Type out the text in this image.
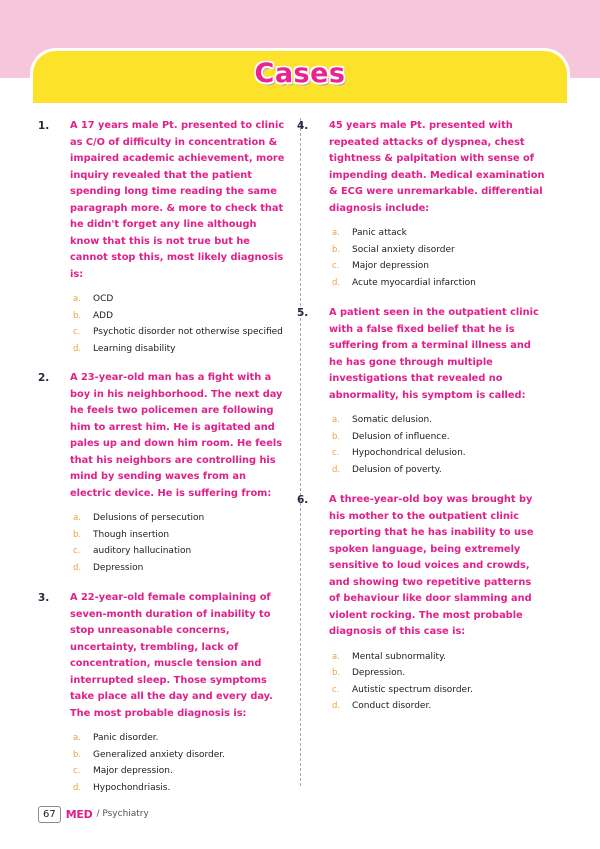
Cases
1. A 17 years male Pt. presented to clinic as C/O of difficulty in concentration & impaired academic achievement, more inquiry revealed that the patient spending long time reading the same paragraph more. & more to check that he didn't forget any line although know that this is not true but he cannot stop this, most likely diagnosis is:
a.	OCD
b.	ADD
c.	Psychotic disorder not otherwise specified
d.	Learning disability
2. A 23-year-old man has a fight with a boy in his neighborhood. The next day he feels two policemen are following him to arrest him. He is agitated and pales up and down him room. He feels that his neighbors are controlling his mind by sending waves from an electric device. He is suffering from:
a.	Delusions of persecution
b.	Though insertion
c.	auditory hallucination
d.	Depression
3. A 22-year-old female complaining of seven-month duration of inability to stop unreasonable concerns, uncertainty, trembling, lack of concentration, muscle tension and interrupted sleep. Those symptoms take place all the day and every day. The most probable diagnosis is:
a.	Panic disorder.
b.	Generalized anxiety disorder.
c.	Major depression.
d.	Hypochondriasis.
4. 45 years male Pt. presented with repeated attacks of dyspnea, chest tightness & palpitation with sense of impending death. Medical examination & ECG were unremarkable. differential diagnosis include:
a.	Panic attack
b.	Social anxiety disorder
c.	Major depression
d.	Acute myocardial infarction
5. A patient seen in the outpatient clinic with a false fixed belief that he is suffering from a terminal illness and he has gone through multiple investigations that revealed no abnormality, his symptom is called:
a.	Somatic delusion.
b.	Delusion of influence.
c.	Hypochondrical delusion.
d.	Delusion of poverty.
6. A three-year-old boy was brought by his mother to the outpatient clinic reporting that he has inability to use spoken language, being extremely sensitive to loud voices and crowds, and showing two repetitive patterns of behaviour like door slamming and violent rocking. The most probable diagnosis of this case is:
a.	Mental subnormality.
b.	Depression.
c.	Autistic spectrum disorder.
d.	Conduct disorder.
67 MED / Psychiatry
